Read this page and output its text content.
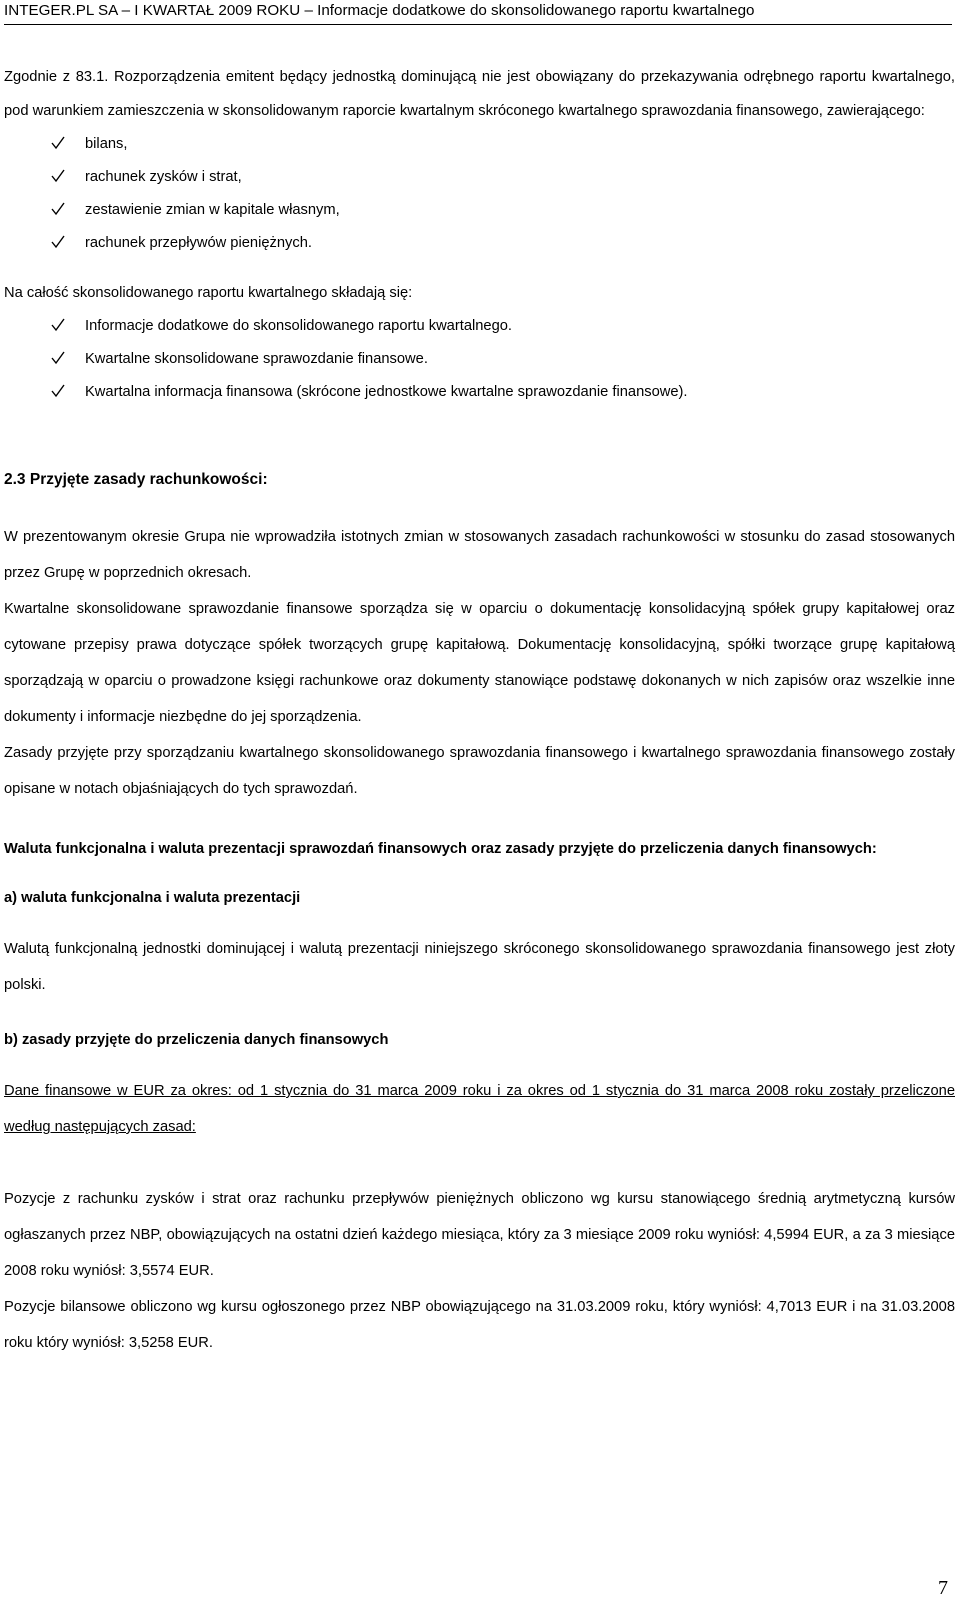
INTEGER.PL SA – I KWARTAŁ 2009 ROKU – Informacje dodatkowe do skonsolidowanego raportu kwartalnego

Zgodnie z 83.1. Rozporządzenia emitent będący jednostką dominującą nie jest obowiązany do przekazywania odrębnego raportu kwartalnego, pod warunkiem zamieszczenia w skonsolidowanym raporcie kwartalnym skróconego kwartalnego sprawozdania finansowego, zawierającego:

bilans,
rachunek zysków i strat,
zestawienie zmian w kapitale własnym,
rachunek przepływów pieniężnych.

Na całość skonsolidowanego raportu kwartalnego składają się:

Informacje dodatkowe do skonsolidowanego raportu kwartalnego.
Kwartalne skonsolidowane sprawozdanie finansowe.
Kwartalna informacja finansowa (skrócone jednostkowe kwartalne sprawozdanie finansowe).

2.3 Przyjęte zasady rachunkowości:

W prezentowanym okresie Grupa nie wprowadziła istotnych zmian w stosowanych zasadach rachunkowości w stosunku do zasad stosowanych przez Grupę w poprzednich okresach.

Kwartalne skonsolidowane sprawozdanie finansowe sporządza się w oparciu o dokumentację konsolidacyjną spółek grupy kapitałowej oraz cytowane przepisy prawa dotyczące spółek tworzących grupę kapitałową. Dokumentację konsolidacyjną, spółki tworzące grupę kapitałową sporządzają w oparciu o prowadzone księgi rachunkowe oraz dokumenty stanowiące podstawę dokonanych w nich zapisów oraz wszelkie inne dokumenty i informacje niezbędne do jej sporządzenia.

Zasady przyjęte przy sporządzaniu kwartalnego skonsolidowanego sprawozdania finansowego i kwartalnego sprawozdania finansowego zostały opisane w notach objaśniających do tych sprawozdań.

Waluta funkcjonalna i waluta prezentacji sprawozdań finansowych oraz zasady przyjęte do przeliczenia danych finansowych:

a) waluta funkcjonalna i waluta prezentacji

Walutą funkcjonalną jednostki dominującej i walutą prezentacji niniejszego skróconego skonsolidowanego sprawozdania finansowego jest złoty polski.

b) zasady przyjęte do przeliczenia danych finansowych

Dane finansowe w EUR za okres: od 1 stycznia do 31 marca 2009 roku i za okres od 1 stycznia do 31 marca 2008 roku zostały przeliczone według następujących zasad:

Pozycje z rachunku zysków i strat oraz rachunku przepływów pieniężnych obliczono wg kursu stanowiącego średnią arytmetyczną kursów ogłaszanych przez NBP, obowiązujących na ostatni dzień każdego miesiąca, który za 3 miesiące 2009 roku wyniósł: 4,5994 EUR, a za 3 miesiące 2008 roku wyniósł: 3,5574 EUR.

Pozycje bilansowe obliczono wg kursu ogłoszonego przez NBP obowiązującego na 31.03.2009 roku, który wyniósł: 4,7013 EUR i na 31.03.2008 roku który wyniósł: 3,5258 EUR.

7
